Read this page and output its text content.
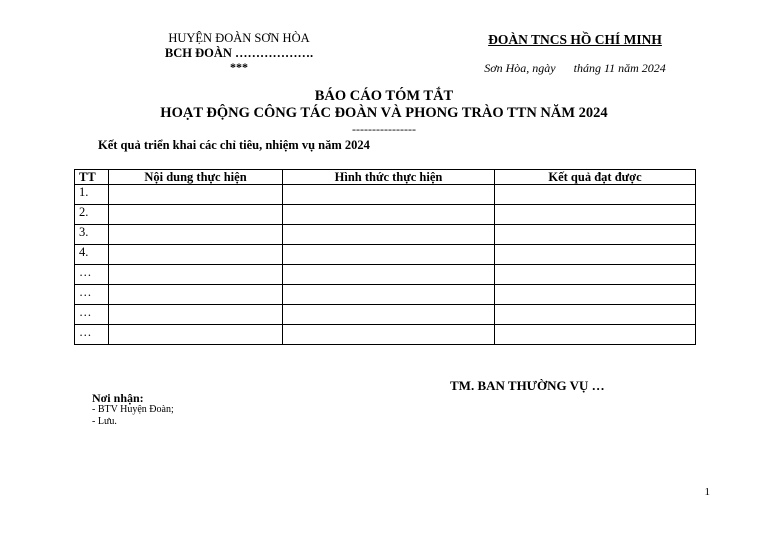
HUYỆN ĐOÀN SƠN HÒA
BCH ĐOÀN ……………….
***
ĐOÀN TNCS HỒ CHÍ MINH
Sơn Hòa, ngày      tháng 11 năm 2024
BÁO CÁO TÓM TẮT
HOẠT ĐỘNG CÔNG TÁC ĐOÀN VÀ PHONG TRÀO TTN NĂM 2024
----------------
Kết quả triển khai các chỉ tiêu, nhiệm vụ năm 2024
TT	Nội dung thực hiện	Hình thức thực hiện	Kết quả đạt được
1.			
2.			
3.			
4.			
…			
…			
…			
…			
TM. BAN THƯỜNG VỤ …
Nơi nhận:
- BTV Huyện Đoàn;
- Lưu.
1
